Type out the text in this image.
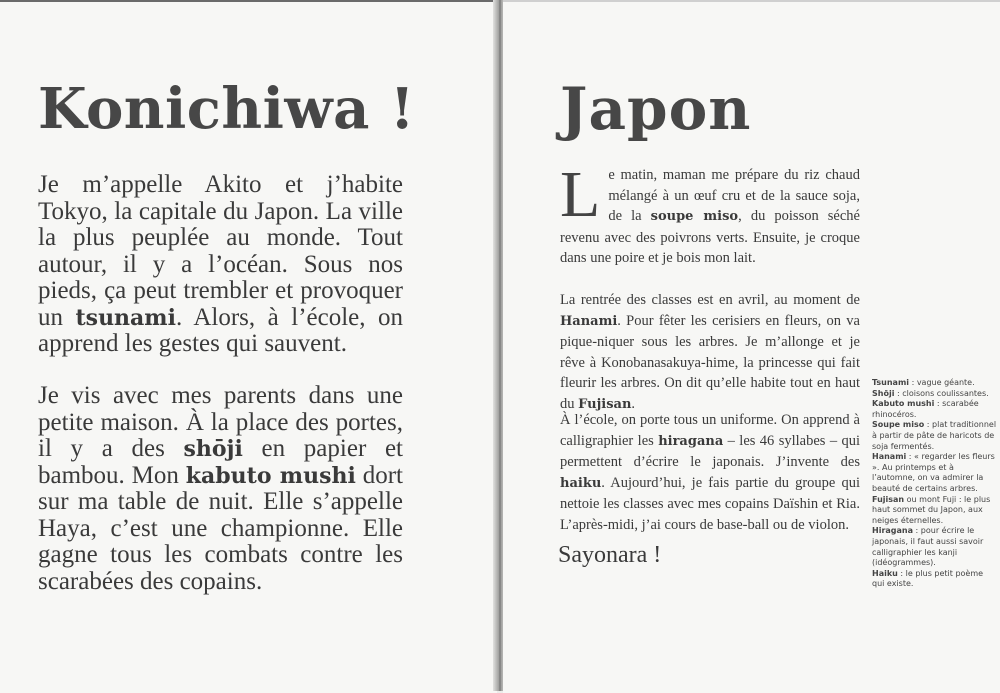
Konichiwa !

Je m’appelle Akito et j’habite Tokyo, la capitale du Japon. La ville la plus peuplée au monde. Tout autour, il y a l’océan. Sous nos pieds, ça peut trembler et provoquer un tsunami. Alors, à l’école, on apprend les gestes qui sauvent.

Je vis avec mes parents dans une petite maison. À la place des portes, il y a des shōji en papier et bambou. Mon kabuto mushi dort sur ma table de nuit. Elle s’appelle Haya, c’est une championne. Elle gagne tous les combats contre les scarabées des copains.

Japon

Le matin, maman me prépare du riz chaud mélangé à un œuf cru et de la sauce soja, de la soupe miso, du poisson séché revenu avec des poivrons verts. Ensuite, je croque dans une poire et je bois mon lait.

La rentrée des classes est en avril, au moment de Hanami. Pour fêter les cerisiers en fleurs, on va pique-niquer sous les arbres. Je m’allonge et je rêve à Konobanasakuya-hime, la princesse qui fait fleurir les arbres. On dit qu’elle habite tout en haut du Fujisan.

À l’école, on porte tous un uniforme. On apprend à calligraphier les hiragana – les 46 syllabes – qui permettent d’écrire le japonais. J’invente des haiku. Aujourd’hui, je fais partie du groupe qui nettoie les classes avec mes copains Daïshin et Ria. L’après-midi, j’ai cours de base-ball ou de violon.

Sayonara !

Tsunami : vague géante.

Shōji : cloisons coulissantes.

Kabuto mushi : scarabée rhinocéros.

Soupe miso : plat traditionnel à partir de pâte de haricots de soja fermentés.

Hanami : « regarder les fleurs ». Au printemps et à l’automne, on va admirer la beauté de certains arbres.

Fujisan ou mont Fuji : le plus haut sommet du Japon, aux neiges éternelles.

Hiragana : pour écrire le japonais, il faut aussi savoir calligraphier les kanji (idéogrammes).

Haiku : le plus petit poème qui existe.
